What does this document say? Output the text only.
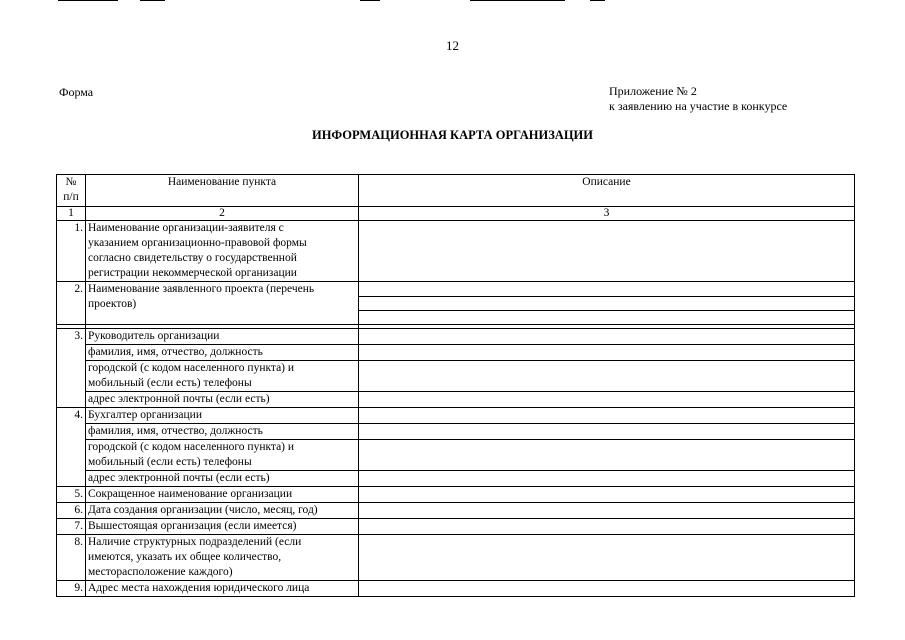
12
Форма	Приложение № 2
к заявлению на участие в конкурсе
ИНФОРМАЦИОННАЯ КАРТА ОРГАНИЗАЦИИ
№
п/п	Наименование пункта	Описание
1	2	3
1.	Наименование организации-заявителя с
указанием организационно-правовой формы
согласно свидетельству о государственной
регистрации некоммерческой организации	

2.	Наименование заявленного проекта (перечень
проектов)	

3.	Руководитель организации	
	фамилия, имя, отчество, должность	

	городской (с кодом населенного пункта) и
мобильный (если есть) телефоны	

	адрес электронной почты (если есть)	
4.	Бухгалтер организации	
	фамилия, имя, отчество, должность	

	городской (с кодом населенного пункта) и
мобильный (если есть) телефоны	

	адрес электронной почты (если есть)	
5.	Сокращенное наименование организации	
6.	Дата создания организации (число, месяц, год)	
7.	Вышестоящая организация (если имеется)	
8.	Наличие структурных подразделений (если
имеются, указать их общее количество,
месторасположение каждого)	

9.	Адрес места нахождения юридического лица	
